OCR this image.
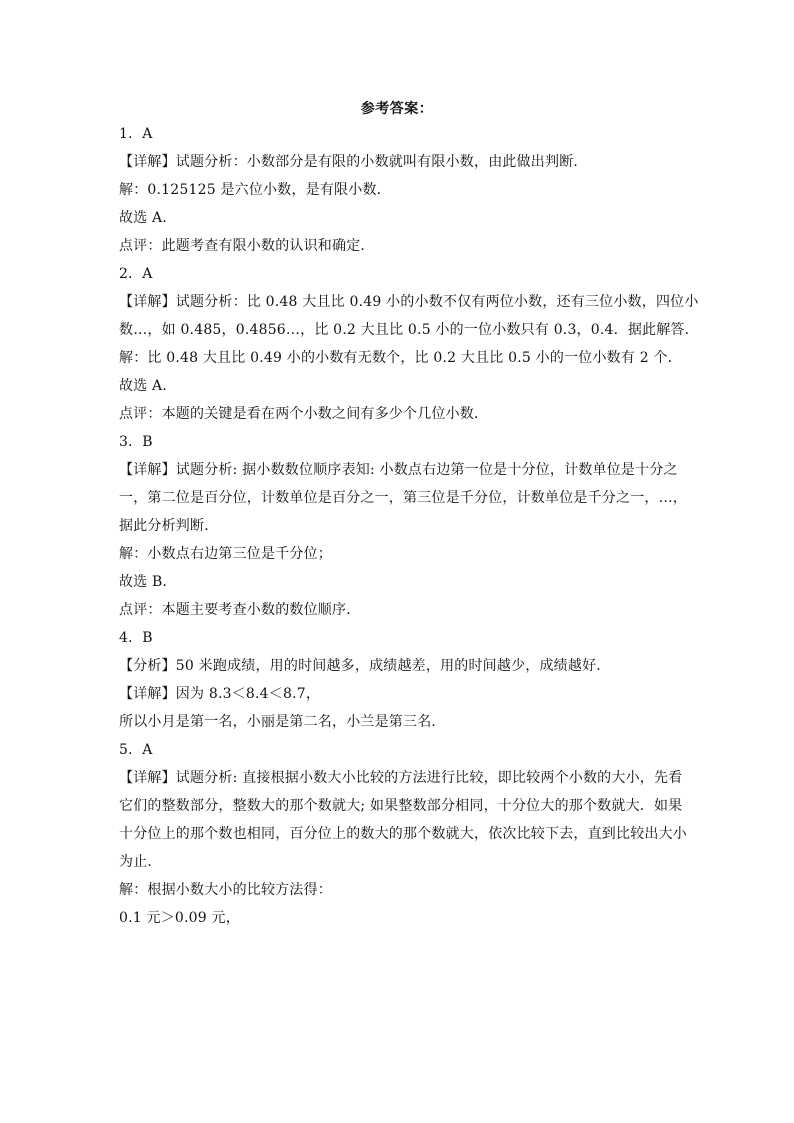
参考答案：
1．A
【详解】试题分析：小数部分是有限的小数就叫有限小数，由此做出判断．
解：0.125125 是六位小数，是有限小数．
故选 A．
点评：此题考查有限小数的认识和确定．
2．A
【详解】试题分析：比 0.48 大且比 0.49 小的小数不仅有两位小数，还有三位小数，四位小
数…，如 0.485，0.4856…，比 0.2 大且比 0.5 小的一位小数只有 0.3，0.4．据此解答．
解：比 0.48 大且比 0.49 小的小数有无数个，比 0.2 大且比 0.5 小的一位小数有 2 个．
故选 A．
点评：本题的关键是看在两个小数之间有多少个几位小数．
3．B
【详解】试题分析: 据小数数位顺序表知: 小数点右边第一位是十分位，计数单位是十分之
一，第二位是百分位，计数单位是百分之一，第三位是千分位，计数单位是千分之一，…，
据此分析判断．
解：小数点右边第三位是千分位；
故选 B．
点评：本题主要考查小数的数位顺序．
4．B
【分析】50 米跑成绩，用的时间越多，成绩越差，用的时间越少，成绩越好．
【详解】因为 8.3＜8.4＜8.7，
所以小月是第一名，小丽是第二名，小兰是第三名．
5．A
【详解】试题分析: 直接根据小数大小比较的方法进行比较，即比较两个小数的大小，先看
它们的整数部分，整数大的那个数就大; 如果整数部分相同，十分位大的那个数就大．如果
十分位上的那个数也相同，百分位上的数大的那个数就大，依次比较下去，直到比较出大小
为止．
解：根据小数大小的比较方法得：
0.1 元＞0.09 元，
